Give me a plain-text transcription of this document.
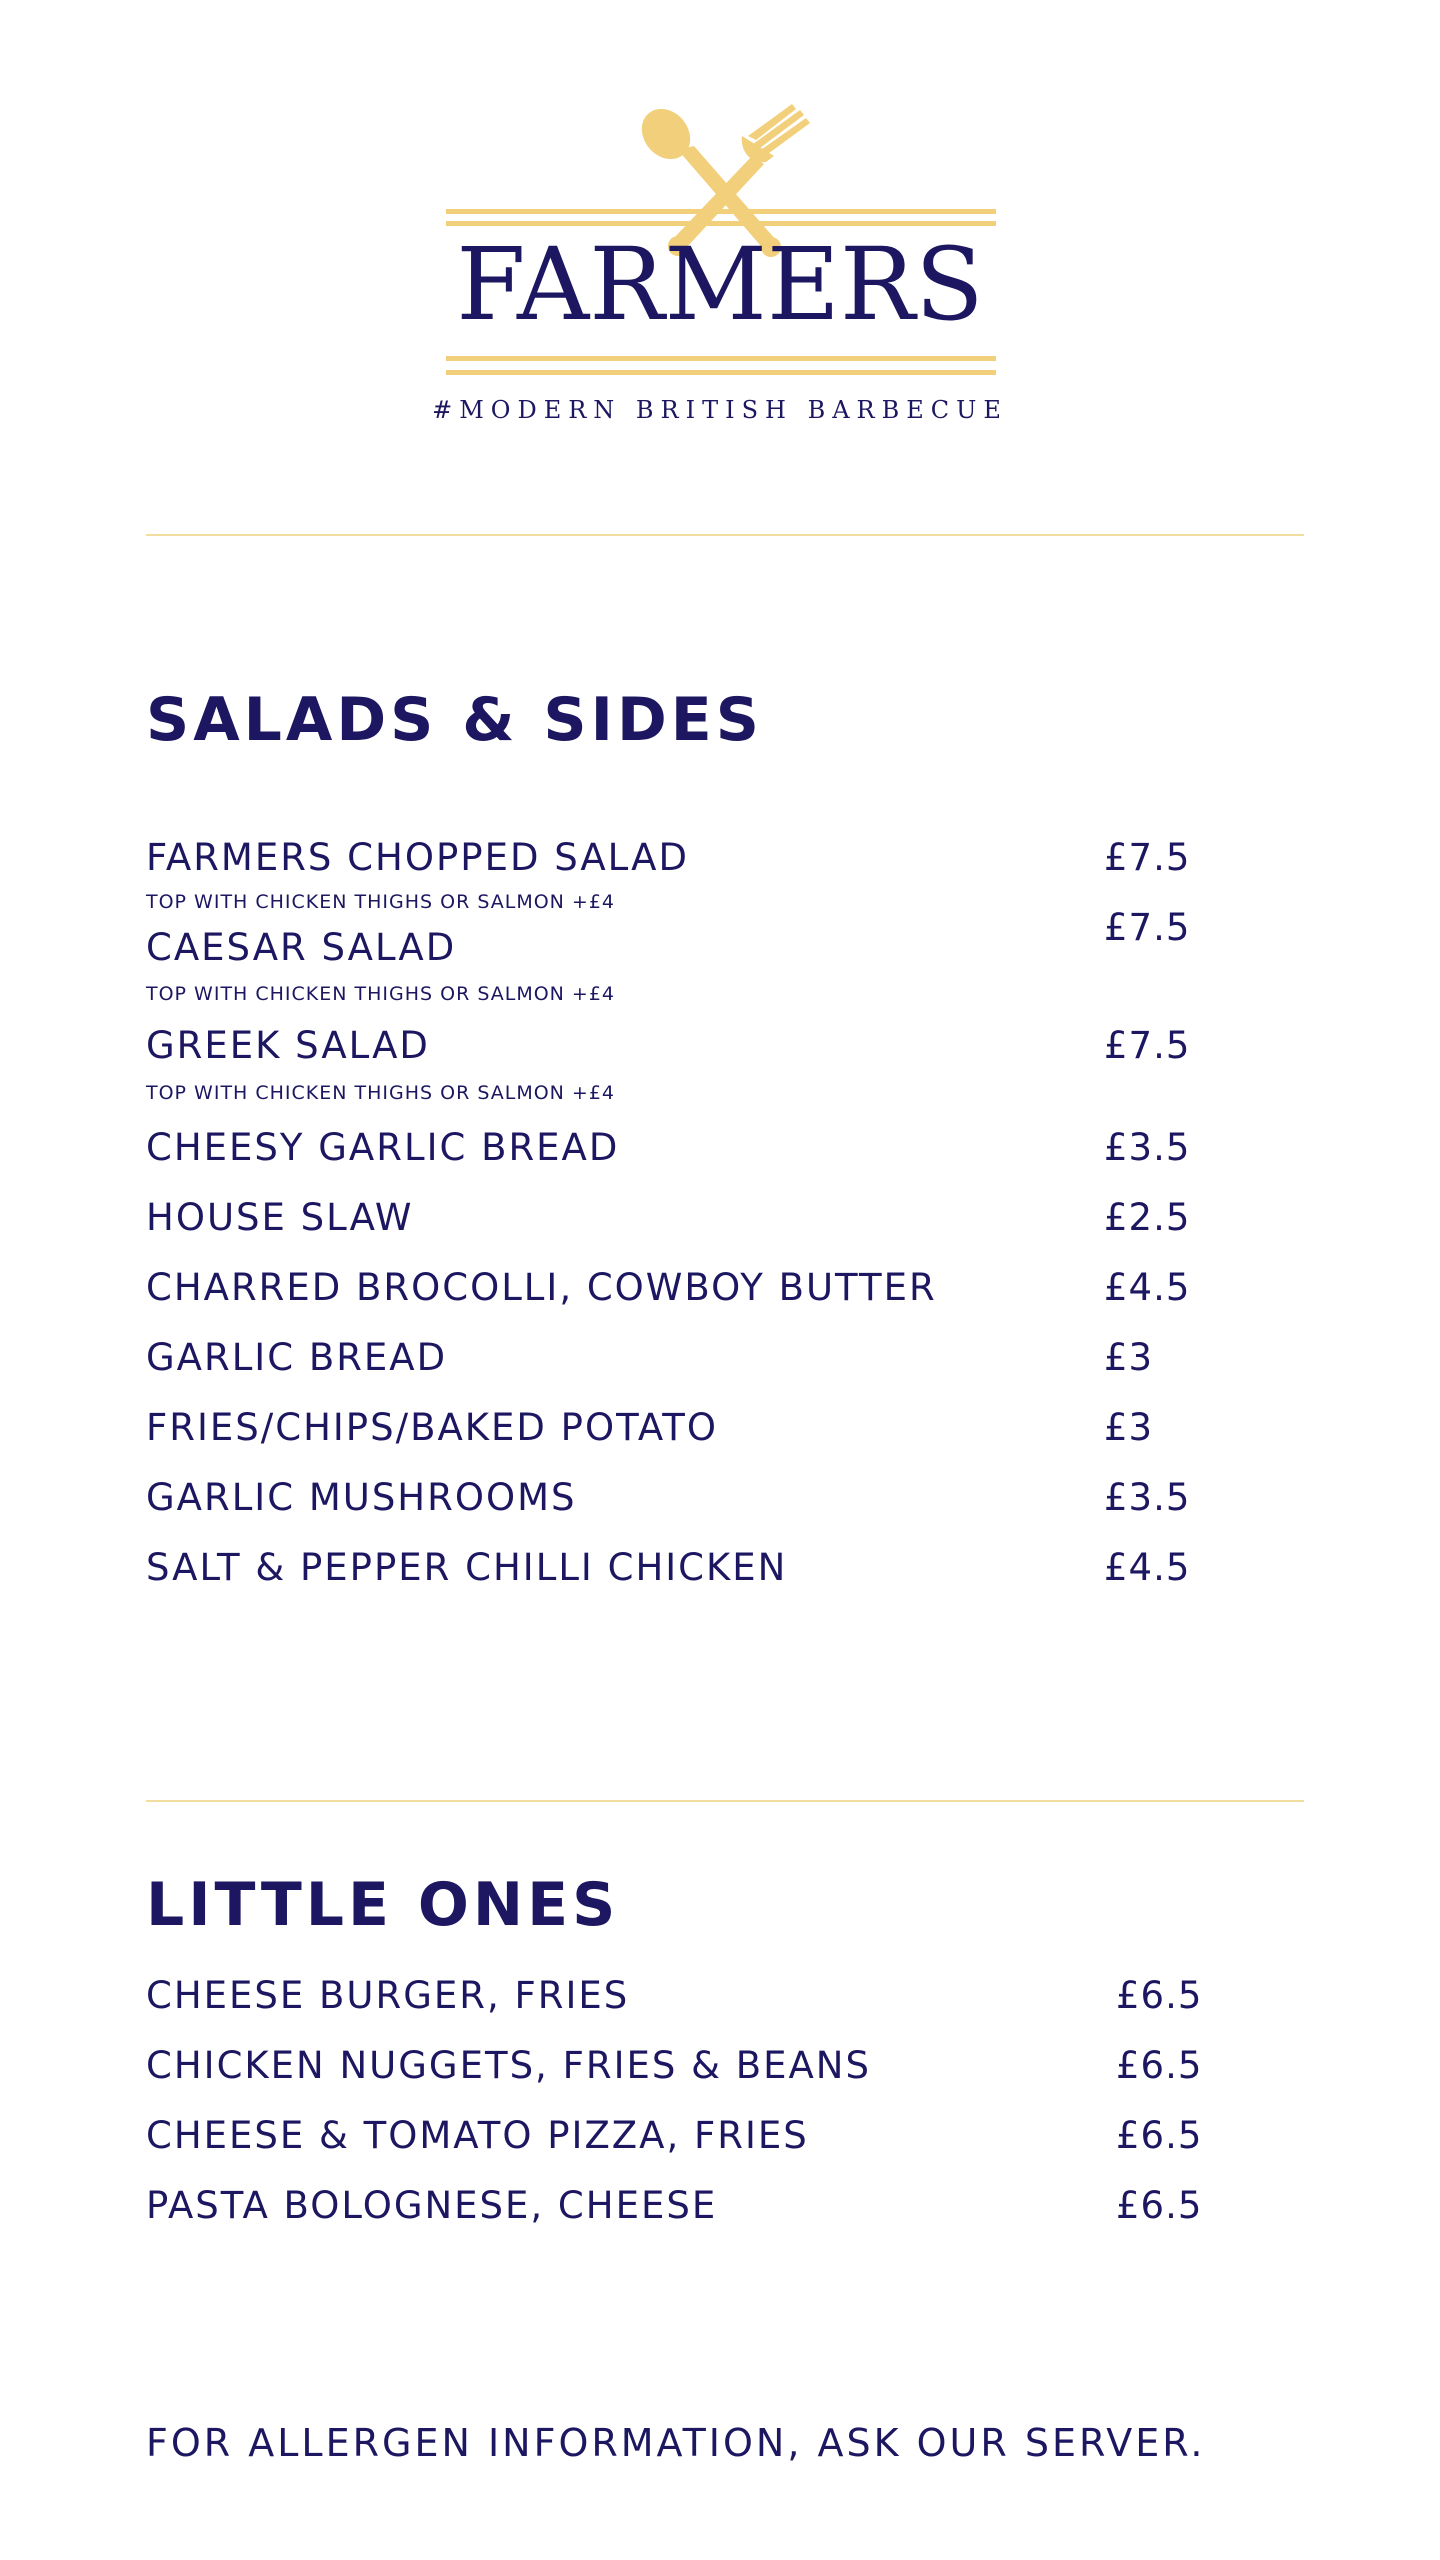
FARMERS
#MODERN BRITISH BARBECUE
SALADS & SIDES
FARMERS CHOPPED SALAD	£7.5
TOP WITH CHICKEN THIGHS OR SALMON +£4
CAESAR SALAD	£7.5
TOP WITH CHICKEN THIGHS OR SALMON +£4
GREEK SALAD	£7.5
TOP WITH CHICKEN THIGHS OR SALMON +£4
CHEESY GARLIC BREAD	£3.5
HOUSE SLAW	£2.5
CHARRED BROCOLLI, COWBOY BUTTER	£4.5
GARLIC BREAD	£3
FRIES/CHIPS/BAKED POTATO	£3
GARLIC MUSHROOMS	£3.5
SALT & PEPPER CHILLI CHICKEN	£4.5
LITTLE ONES
CHEESE BURGER, FRIES	£6.5
CHICKEN NUGGETS, FRIES & BEANS	£6.5
CHEESE & TOMATO PIZZA, FRIES	£6.5
PASTA BOLOGNESE, CHEESE	£6.5
FOR ALLERGEN INFORMATION, ASK OUR SERVER.
